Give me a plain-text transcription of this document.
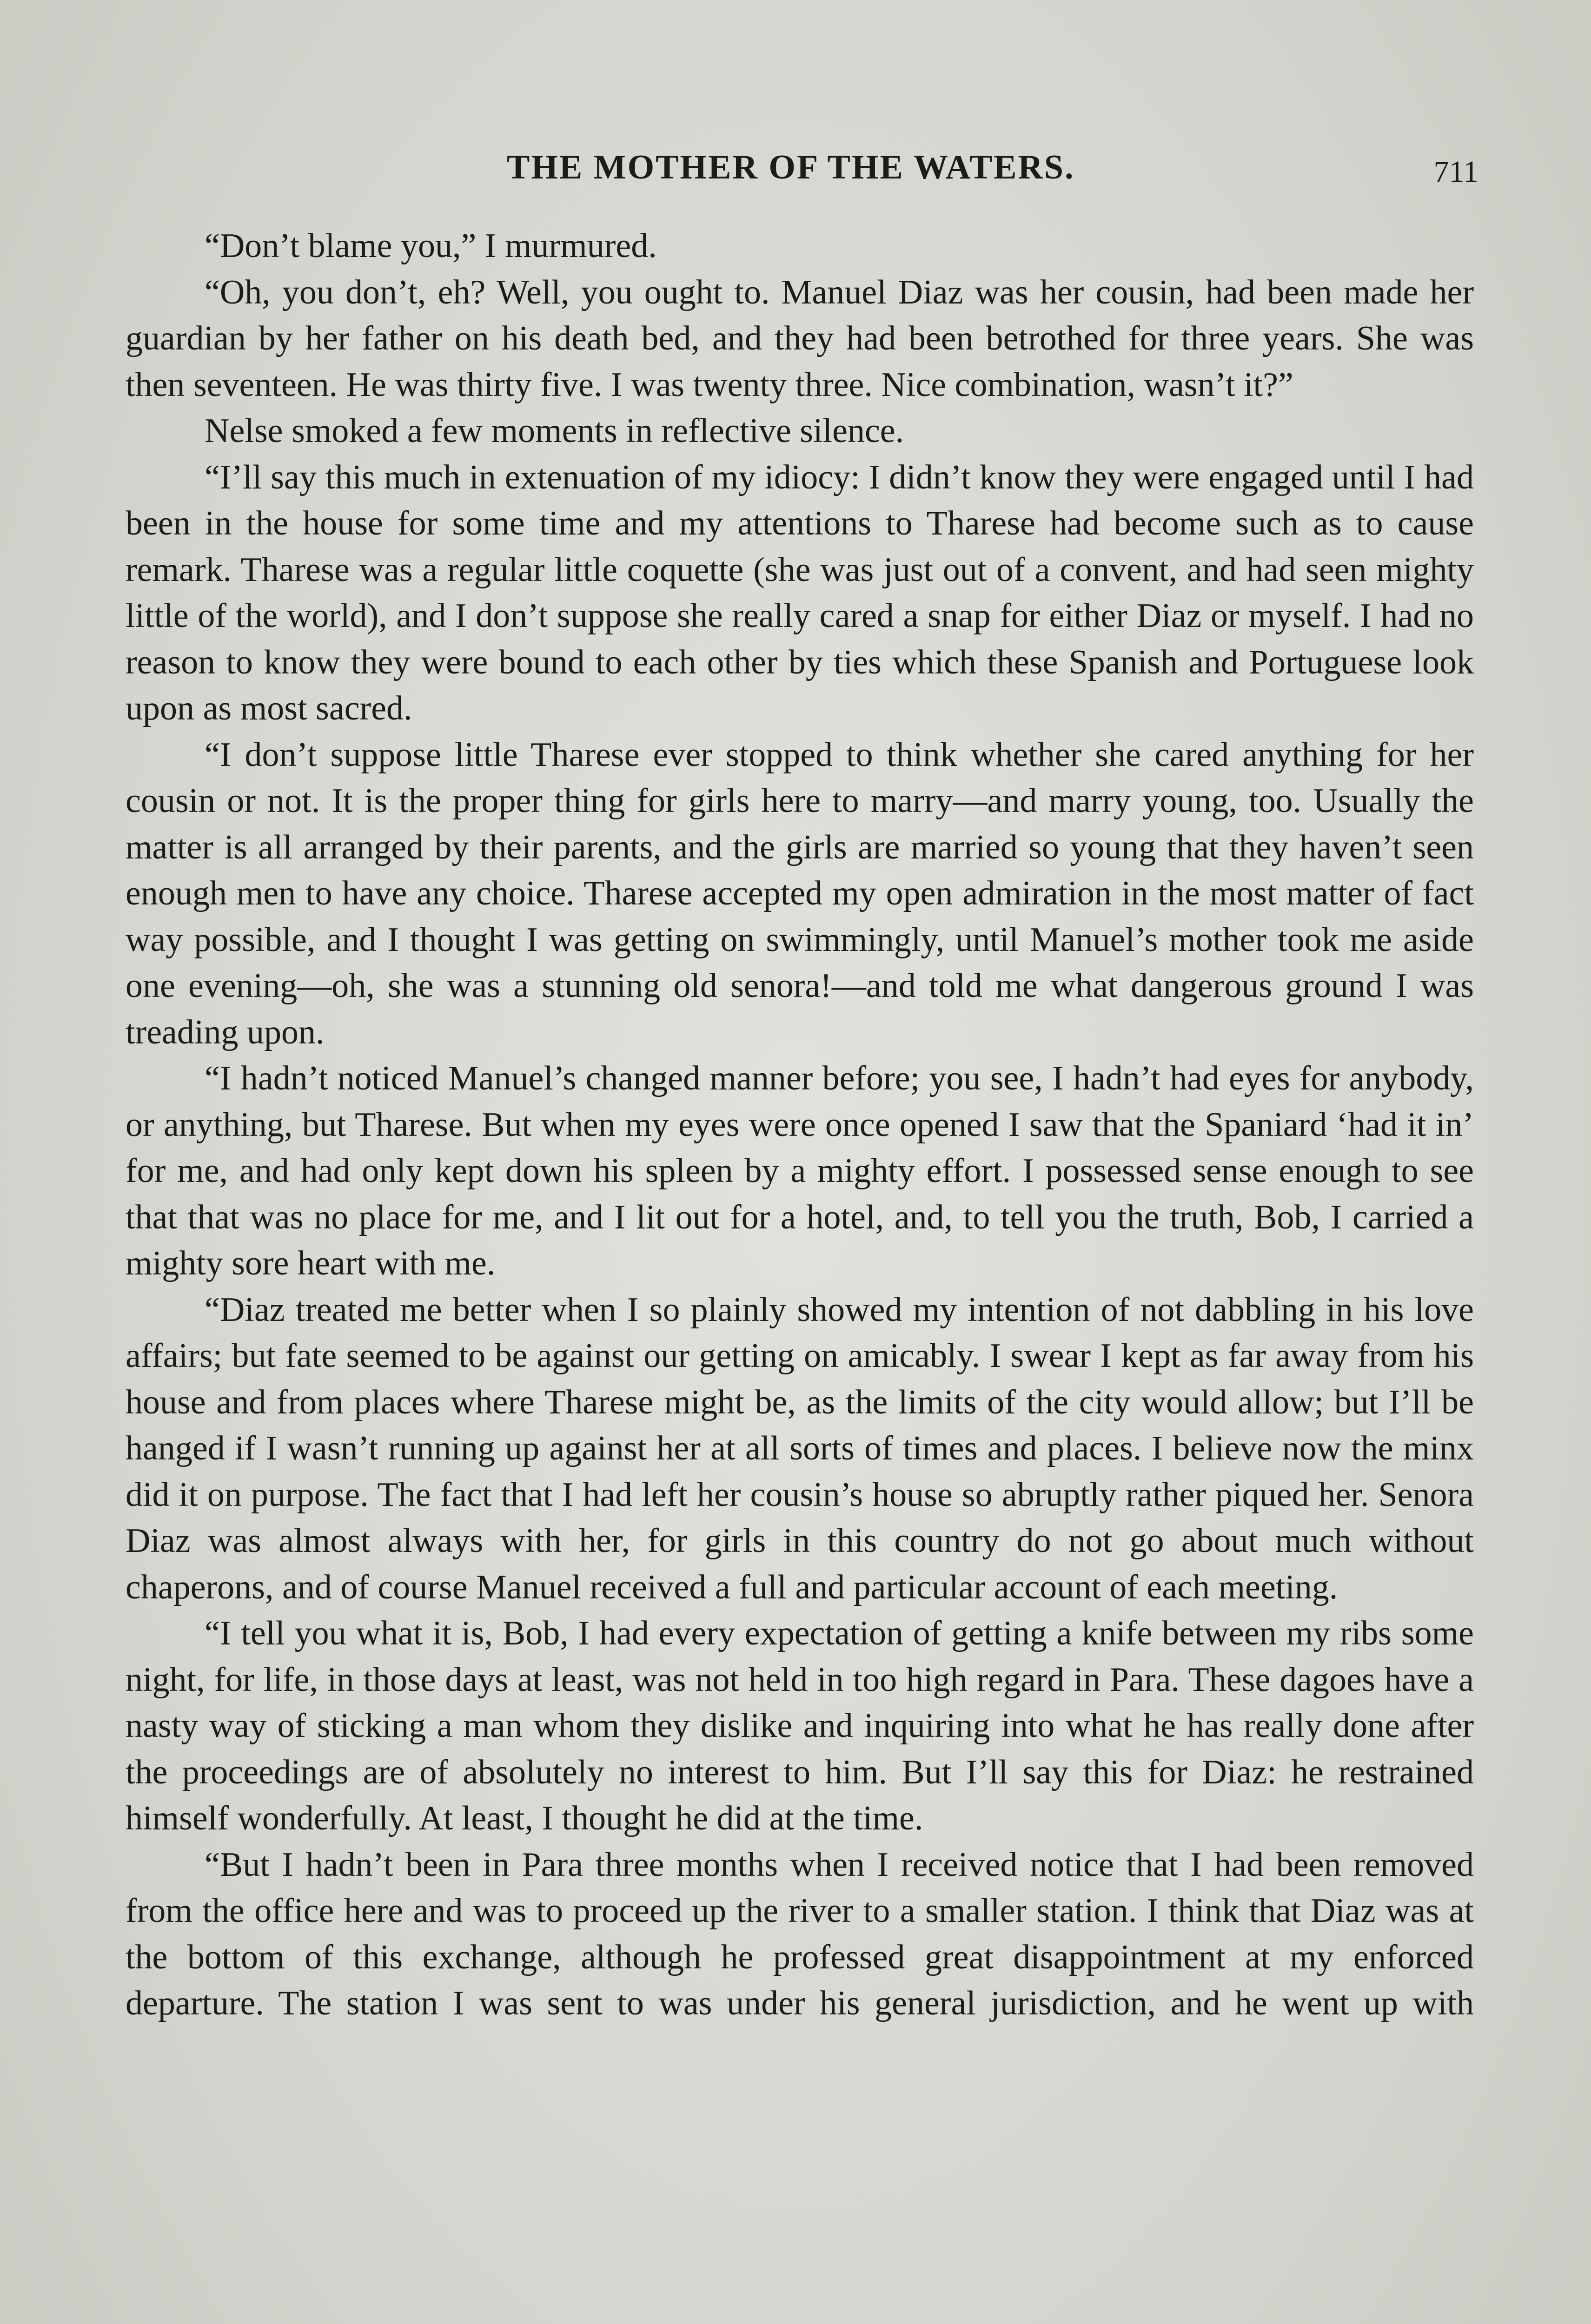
THE MOTHER OF THE WATERS.	711

“Don’t blame you,” I murmured.

“Oh, you don’t, eh? Well, you ought to. Manuel Diaz was her cousin, had been made her guardian by her father on his death bed, and they had been betrothed for three years. She was then seventeen. He was thirty five. I was twenty three. Nice combination, wasn’t it?”

Nelse smoked a few moments in reflective silence.

“I’ll say this much in extenuation of my idiocy: I didn’t know they were engaged until I had been in the house for some time and my attentions to Tharese had become such as to cause remark. Tharese was a regular little coquette (she was just out of a convent, and had seen mighty little of the world), and I don’t suppose she really cared a snap for either Diaz or myself. I had no reason to know they were bound to each other by ties which these Spanish and Portuguese look upon as most sacred.

“I don’t suppose little Tharese ever stopped to think whether she cared anything for her cousin or not. It is the proper thing for girls here to marry—and marry young, too. Usually the matter is all arranged by their parents, and the girls are married so young that they haven’t seen enough men to have any choice. Tharese accepted my open admiration in the most matter of fact way possible, and I thought I was getting on swimmingly, until Manuel’s mother took me aside one evening—oh, she was a stunning old senora!—and told me what dangerous ground I was treading upon.

“I hadn’t noticed Manuel’s changed manner before; you see, I hadn’t had eyes for anybody, or anything, but Tharese. But when my eyes were once opened I saw that the Spaniard ‘had it in’ for me, and had only kept down his spleen by a mighty effort. I possessed sense enough to see that that was no place for me, and I lit out for a hotel, and, to tell you the truth, Bob, I carried a mighty sore heart with me.

“Diaz treated me better when I so plainly showed my intention of not dabbling in his love affairs; but fate seemed to be against our getting on amicably. I swear I kept as far away from his house and from places where Tharese might be, as the limits of the city would allow; but I’ll be hanged if I wasn’t running up against her at all sorts of times and places. I believe now the minx did it on purpose. The fact that I had left her cousin’s house so abruptly rather piqued her. Senora Diaz was almost always with her, for girls in this country do not go about much without chaperons, and of course Manuel received a full and particular account of each meeting.

“I tell you what it is, Bob, I had every expectation of getting a knife between my ribs some night, for life, in those days at least, was not held in too high regard in Para. These dagoes have a nasty way of sticking a man whom they dislike and inquiring into what he has really done after the proceedings are of absolutely no interest to him. But I’ll say this for Diaz: he restrained himself wonderfully. At least, I thought he did at the time.

“But I hadn’t been in Para three months when I received notice that I had been removed from the office here and was to proceed up the river to a smaller station. I think that Diaz was at the bottom of this exchange, although he professed great disappointment at my enforced departure. The station I was sent to was under his general jurisdiction, and he went up with
